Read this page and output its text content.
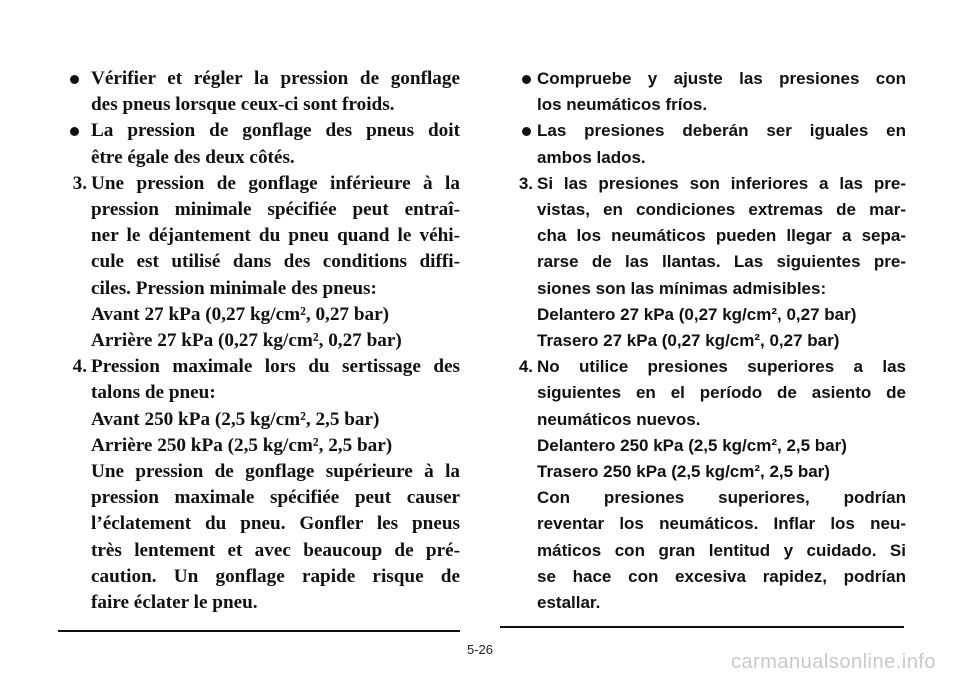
Vérifier et régler la pression de gonflage
des pneus lorsque ceux-ci sont froids.
La pression de gonflage des pneus doit
être égale des deux côtés.
3. Une pression de gonflage inférieure à la
pression minimale spécifiée peut entraî-
ner le déjantement du pneu quand le véhi-
cule est utilisé dans des conditions diffi-
ciles. Pression minimale des pneus:
Avant 27 kPa (0,27 kg/cm², 0,27 bar)
Arrière 27 kPa (0,27 kg/cm², 0,27 bar)
4. Pression maximale lors du sertissage des
talons de pneu:
Avant 250 kPa (2,5 kg/cm², 2,5 bar)
Arrière 250 kPa (2,5 kg/cm², 2,5 bar)
Une pression de gonflage supérieure à la
pression maximale spécifiée peut causer
l’éclatement du pneu. Gonfler les pneus
très lentement et avec beaucoup de pré-
caution. Un gonflage rapide risque de
faire éclater le pneu.
Compruebe y ajuste las presiones con
los neumáticos fríos.
Las presiones deberán ser iguales en
ambos lados.
3. Si las presiones son inferiores a las pre-
vistas, en condiciones extremas de mar-
cha los neumáticos pueden llegar a sepa-
rarse de las llantas. Las siguientes pre-
siones son las mínimas admisibles:
Delantero 27 kPa (0,27 kg/cm², 0,27 bar)
Trasero 27 kPa (0,27 kg/cm², 0,27 bar)
4. No utilice presiones superiores a las
siguientes en el período de asiento de
neumáticos nuevos.
Delantero 250 kPa (2,5 kg/cm², 2,5 bar)
Trasero 250 kPa (2,5 kg/cm², 2,5 bar)
Con presiones superiores, podrían
reventar los neumáticos. Inflar los neu-
máticos con gran lentitud y cuidado. Si
se hace con excesiva rapidez, podrían
estallar.
5-26
carmanualsonline.info
